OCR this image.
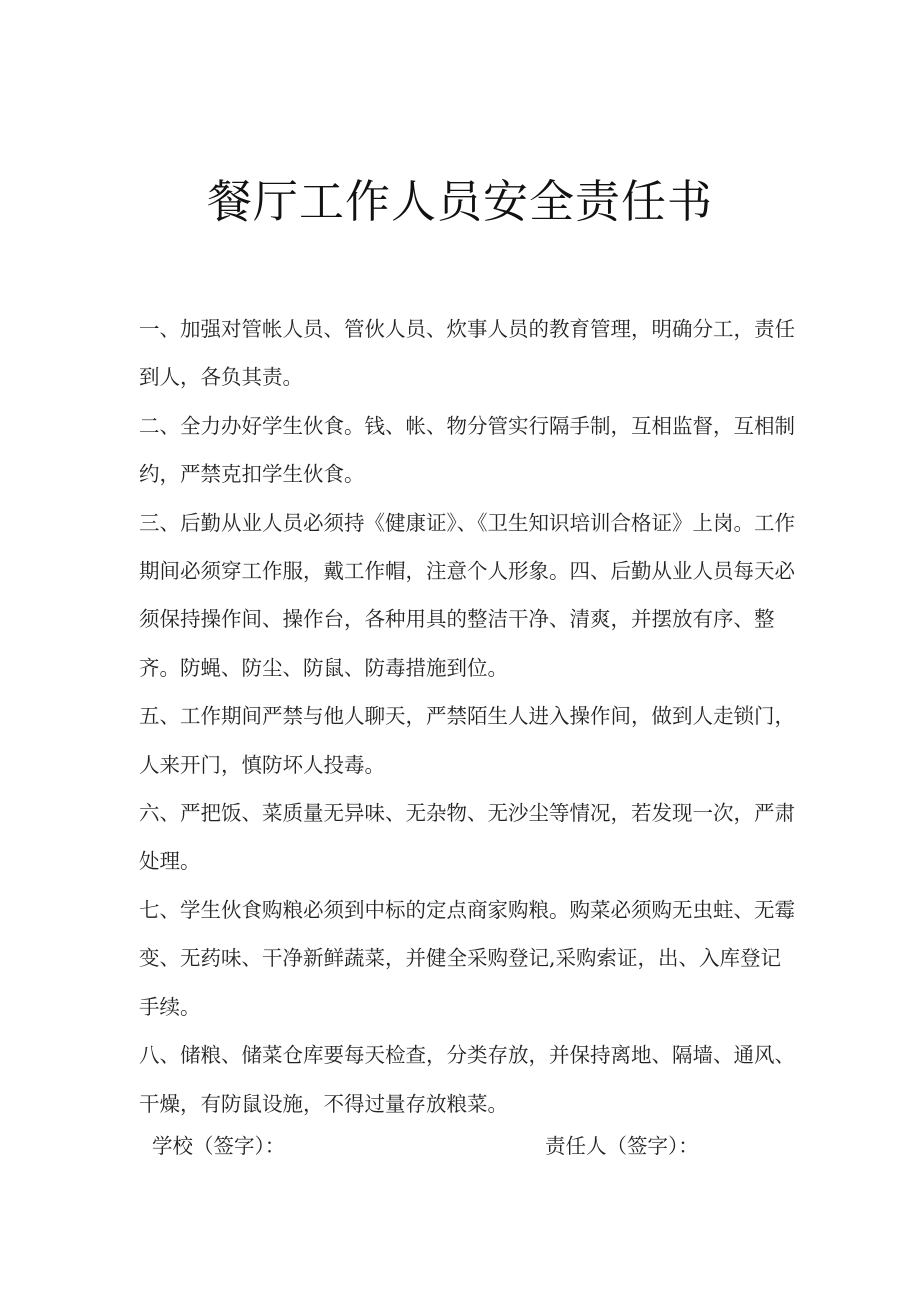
餐厅工作人员安全责任书

一、加强对管帐人员、管伙人员、炊事人员的教育管理，明确分工，责任到人，各负其责。

二、全力办好学生伙食。钱、帐、物分管实行隔手制，互相监督，互相制约，严禁克扣学生伙食。

三、后勤从业人员必须持《健康证》、《卫生知识培训合格证》上岗。工作期间必须穿工作服，戴工作帽，注意个人形象。四、后勤从业人员每天必须保持操作间、操作台，各种用具的整洁干净、清爽，并摆放有序、整齐。防蝇、防尘、防鼠、防毒措施到位。

五、工作期间严禁与他人聊天，严禁陌生人进入操作间，做到人走锁门，人来开门，慎防坏人投毒。

六、严把饭、菜质量无异味、无杂物、无沙尘等情况，若发现一次，严肃处理。

七、学生伙食购粮必须到中标的定点商家购粮。购菜必须购无虫蛀、无霉变、无药味、干净新鲜蔬菜，并健全采购登记,采购索证，出、入库登记手续。

八、储粮、储菜仓库要每天检查，分类存放，并保持离地、隔墙、通风、干燥，有防鼠设施，不得过量存放粮菜。

学校（签字）：	责任人（签字）：
